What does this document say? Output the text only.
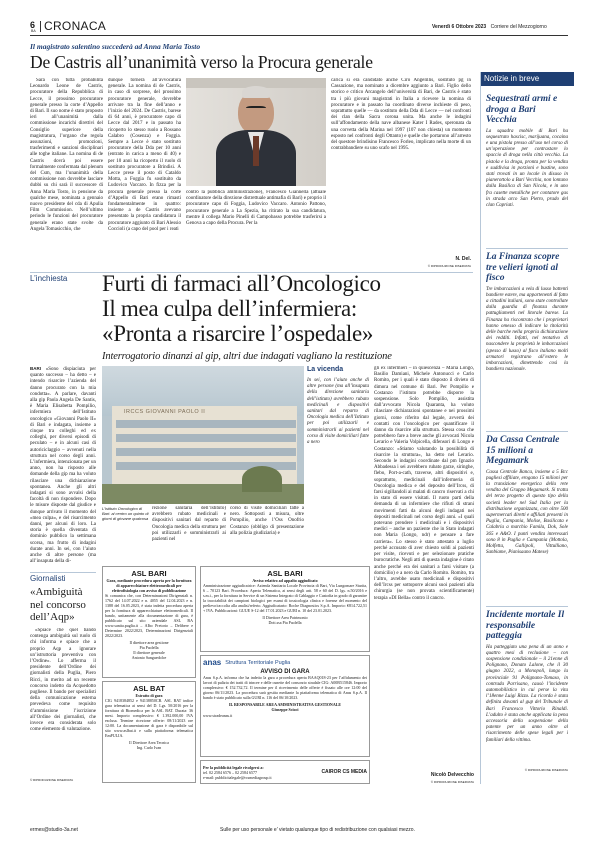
6
BA CRONACA	Venerdì 6 Ottobre 2023 Corriere del Mezzogiorno
Il magistrato salentino succederà ad Anna Maria Tosto
De Castris all’unanimità verso la Procura generale
Sarà con tutta probabilità Leonardo Leone de Castris, procuratore della Repubblica di Lecce, il prossimo procuratore generale presso la corte d’Appello di Bari. Il suo nome è stato proposto ieri all’unanimità dalla commissione incarichi direttivi del Consiglio superiore della magistratura, l’organo che regola assunzioni, promozioni, trasferimenti e sanzioni disciplinari alle toghe italiane. La nomina di de Castris dovrà poi essere formalmente confermata dal plenum del Csm, ma l’unanimità della commissione non dovrebbe lasciare dubbi su chi sarà il successore di Anna Maria Tosto, in pensione da qualche mese, nominata a gennaio nuovo presidente del cda di Apulia Film Commission. Nell’ultimo periodo le funzioni del procuratore generale erano state svolte da Angela Tomasicchio, che
dunque tornerà all’avvocatura generale. La nomina di de Castris, in caso di sorprese, del prossimo procuratore generale, dovrebbe arrivare tra la fine dell’anno e l’inizio del 2024. De Castris, barese di 64 anni, è procuratore capo di Lecce dal 2017 e in passato ha ricoperto lo stesso ruolo a Rossano Calabro (Cosenza) e Foggia. Sempre a Lecce è stato sostituto procuratore della Dda per 10 anni (entrato in carica a meno di 40) e per 10 anni ha ricoperto il ruolo di sostituto procuratore a Brindisi. A Lecce prese il posto di Cataldo Motta, a Foggia fu sostituito da Ludovico Vaccaro. In fizza per la procura generale presso la corte d’Appello di Bari erano rimasti fondamentalmente in quattro: insieme a de Castris avevano presentato la propria candidatura il procuratore aggiunto di Bari Alessio Coccioli (a capo del pool per i reati
contro la pubblica amministrazione), Francesco Giannella (attuale coordinatore della direzione distrettuale antimafia di Bari) e proprio il procuratore capo di Foggia, Ludovico Vaccaro. Antonio Pattono, procuratore generale a La Spezia, ha ritirato la sua candidatura, mentre il collega Mario Pinelli di Campobasso potrebbe trasferirsi a Genova a capo della Procura. Per la
carica si era candidato anche Ciro Angelillis, sostituto pg in Cassazione, ma nominato a dicembre aggiunto a Bari. Figlio dello storico e critico Arcangelo dell’università di Bari, de Castris è stato tra i più giovani magistrati in Italia a ricevere la nomina di procuratore e in passato ha coordinato diverse inchieste di peso, soprattutto quelle — da sostituto della Dda di Lecce — nel confronti dei clan della Sacra corona unita. Ma anche le indagini sull’affondamento della nave albanese Kater I Rades, speronata da una corvetta della Marina nel 1997 (107 non chiesta) un momento esposto nel confronti degli Ottanto) e quelle che portarono all’arresto del questore brindisino Francesco Forleo, implicato nella morte di un contrabbandiere su uno scafo nel 1995.
N. Del.
© RIPRODUZIONE RISERVATA
L’inchiesta Furti di farmaci all’Oncologico
Il mea culpa dell’infermiera:
«Pronta a risarcire l’ospedale»
Interrogatorio dinanzi al gip, altri due indagati vagliano la restituzione
BARI «Sono dispiaciuta per quanto successo – ha detto – e intendo risarcire l’azienda del danno procurato con la mia condotta». A parlare, davanti alla gip Paola Angela De Santis, è Maria Elisabetta Pompilio, infermiera dell’Istituto oncologico «Giovanni Paolo II» di Bari e indagata, insieme a cinque tra colleghi ed ex colleghi, per diversi episodi di peculato – e in alcuni casi di autoriciclaggio – avvenuti nella struttura nel corso degli anni. L’infermiera, intenzionata per un anno, non ha risposto alle domande della gip ma ha voluto rilasciare una dichiarazione spontanea. Anche gli altri indagati si sono avvalsi della facoltà di non rispondere. Dopo le misure disposte dal giudice e dunque arrivato il momento del «mea culpa», e del risarcimento danni, per alcuni di loro. La storia è quella diventata di dominio pubblico la settimana scorsa, ma frutto di indagini durate anni. In sei, con l’aiuto anche di altre persone (ma all’insaputa della di-
IRCCS GIOVANNI PAOLO II
L’Istituto Oncologico di Bari: al centro un quinto di giorni di giovane qualcosa
rezione sanitaria dell’Istituto) avrebbero rubato medicinali e dispositivi sanitari dal reparto di Oncologia medica della struttura per poi utilizzarli e somministrarli ai pazienti nel
corso di visite domiciliari fatte a nero. Sottoposti a misura, oltre Pompilio, anche l’Oss Onofrio Costanzo (obbligo di presentazione alla polizia giudiziaria) e
La vicenda

In sei, con l’aiuto anche di altre persone (ma all’insaputa della direzione sanitaria dell’istituto) avrebbero rubato medicinali e dispositivi sanitari dal reparto di Oncologia medica dell’Istituto per poi utilizzarli e somministrarli ai pazienti nel corso di visite domiciliari fatte a nero

gli ex infermieri – in quiescenza – Maria Longo, Basilio Damiani, Michele Antonucci e Carlo Romito, per i quali è stato disposto il divieto di dimora nel comune di Bari. Per Pompilio e Costanzo l’istituto potrebbe disporre la sospensione. Solo Pompilio, assistita dall’avvocato Nicola Quaranta, ha voluto rilasciare dichiarazioni spontanee e nei prossimi giorni, come riferito dal legale, avverrà dei contatti con l’oncologico per quantificare il danno da risarcire alla struttura. Stessa cosa che potrebbero fare a breve anche gli avvocati Nicola Lerario e Valeria Volpicella, difensori di Longo e Costanzo: «Stiamo valutando la possibilità di risarcire la struttura», ha detto nel Lerario. Secondo le indagini coordinate dal pm Ignazio Abbadessa i sei avrebbero rubato garze, siringhe, flebo, Port-a-cath, traverse, altri dispositivi e, soprattutto, medicinali dall’infermeria di Oncologia medica e del deposito dell’Ircss, di farsi sigillandoli ai malati di cancro riservati a chi in stato di essere visitati. Il ruoto parti della demanda di un infermiere che rifiuti di strani movimenti fatti da alcuni degli indagati nei depositi medicinali nel corso degli anni. «I quali potevano prendere i medicinali e i dispositivi medici – anche un paziente che in Stato indagati non Maria (Longo, ndr) e pensare a fare carriera». Lo stesso è stato attestato a luglio perché accusato di aver chiesto soldi ai pazienti per visite, ricevuti e per selezionare pratiche burocratiche. Negli atti di questa indagine è citato anche perché era dei sanitari a farsi visitare (a domicilio) e a nero da Carlo Romito. Romito, tra l’altro, avrebbe usato medicinali e dispositivi dell’Ircss per sottoporre alcuni suoi pazienti alla chirurgia (se non provata scientificamente) terapia «DI Bella» contro il cancro.
Nicolò Delvecchio
© RIPRODUZIONE RISERVATA
Giornalisti
«Ambiguità nel concorso dell’Aqp»
«Spiace che quel bando contenga ambiguità sul ruolo di chi informa e spiace che a proprio Aqp a ignorare un’istruttoria preventiva con l’Ordine». Lo afferma il presidente dell’Ordine dei giornalisti della Puglia, Piero Ricci, in merito ad un recente concorso indetto da Acquedotto pugliese. Il bando per specialisti della comunicazione esterna prevedeva come requisito d’ammissione l’iscrizione all’Ordine dei giornalisti, che invece era considerata solo come elemento di valutazione.
© RIPRODUZIONE RISERVATA
ASL BARI

Gara, mediante procedura aperta per la fornitura di apparecchiature elettromedicali per elettrofisiologia con avviso di pubblicazione

Si comunica che, con Determinazioni Dirigenziali n. 1762 del 14.07.2022 e n. 4055 del 12.04.2023 e n. 1388 del 16.05.2023, è stata indetta procedura aperta per la fornitura di apparecchiature elettromedicali. Il bando, unitamente alla documentazione di gara, è pubblicato sul sito aziendale ASL BA www.sanita.puglia.it – Albo Pretorio – Delibere e Determine 2022/2023, Determinazioni Dirigenziali 2022/2023.

Il direttore area gestione
Pia Paolella
Il direttore generale
Antonio Sanguedolce

ASL BAT

Estratto di gara

CIG 9418384852 e 94138850CB. ASL BAT indice gara telematica ai sensi del D. Lgs. 50/2016 per la fornitura di Biomedica per la ASL BAT. Durata: 36 mesi. Importo complessivo: € 1.392.000,00 IVA esclusa. Termine ricezione offerte: 08/11/2023 ore 12:00. La documentazione di gara è disponibile sul sito www.aslbat.it e sulla piattaforma telematica EmPULIA.

Il Direttore Area Tecnica
Ing. Carlo Ivan

ASL BARI

Avviso relativo ad appalto aggiudicato

Amministrazione aggiudicatrice: Azienda Sanitaria Locale Provincia di Bari, Via Lungomare Starita, 6 – 70123 Bari. Procedura: Aperta Telematica, ai sensi degli artt. 58 e 60 del D. lgs. n.50/2016 e s.m.i., per la fornitura in Service di un Sistema Integrato di Cablaggio e Custodia in grado di garantire la tracciabilità dei campioni biologici per esami di tossicologia clinica e forense del momento del prelievo/raccolta alla analisi/referto. Aggiudicatario: Roche Diagnostics S.p.A. Importo: €814.722,51 + IVA. Pubblicazioni: GUUE S-12 del 17.01.2023 e GURI n. 10 del 23.01.2023.

Il Direttore Area Patrimonio
Dott.ssa Pia Paolella

anas Struttura Territoriale Puglia
AVVISO DI GARA

Anas S.p.A. informa che ha indetto la gara a procedura aperta BAAQ018-23 per l’affidamento dei lavori di pulizia dei tratti di trincee e delle cunette del consorzio stradale CIG: A00B515846. Importo complessivo: € 152.732,72. Il termine per il ricevimento delle offerte è fissato alle ore 12:00 del giorno 06/11/2023. La procedura sarà gestita mediante la piattaforma telematica di Anas S.p.A. Il bando è stato pubblicato sulla GURI n. 116 del 06/10/2023.

IL RESPONSABILE AREA AMMINISTRATIVA GESTIONALE
Giuseppe Scioci

www.stradeanas.it

Per la pubblicità legale rivolgersi a:
tel. 02 2584 6576 – 02 2584 6577
e-mail: pubblicitalegale@rcsmediagroup.it
CAIROR CS MEDIA
Notizie in breve
Sequestrati armi e droga a Bari Vecchia
La squadra mobile di Bari ha sequestrato hascisc, marijuana, cocaina e una pistola presso all’uso nel corso di un’operazione per contrastare lo spaccio di droga nella città vecchia. La pistola e la droga, pronta per la vendita e suddivisa in porzioni e bustine, sono stati trovati in un locale in disuso in pianerottolo a Bari Vecchia, non lontano dalla Basilica di San Nicola, e in uno fra casette metalliche per contatore gas in strada arco San Pietro, prado del clan Capriati.
La Finanza scopre tre velieri ignoti al fisco
Tre imbarcazioni a vela di lusso battenti bandiere estere, ma appartenenti di fatto a cittadini italiani, sono state controllate dalla guardia di finanza durante pattugliamenti nel litorale barese. La Finanza ha riscontrato che i proprietari hanno omesso di indicare la titolarità delle barche nella propria dichiarazione dei redditi. Infatti, nel tentativo di nascondere la proprietà le imbarcazioni (spesso di lusso) al fisco italiano molti armatori registrano all’estero le imbarcazioni, dimettendo così la bandiera nazionale.
Da Cassa Centrale 15 milioni a Megamark
Cassa Centrale Banca, insieme a 5 Bcc pugliesi affiliate, erogano 15 milioni per la transizione energetica della rete vendita del Gruppo Megamark. Si tratta del terzo progetto di questo tipo della società leader nel Sud Italia per la distribuzione organizzata, con oltre 500 supermercati diretti e affiliati presenti in Puglia, Campania, Molise, Basilicata e Calabria a marchio Famila, Dok, Sole 365 e A&O. I punti vendita interessati sono 8 in Puglia e Campania (Mottola, Molfetta, Gallipoli, Vittulliano, Sanbiame, Pianisaano Matese)
Incidente mortale Il responsabile patteggia
Ha patteggiato una pena di un anno e quattro mesi di reclusione – con sospensione condizionale – il 21enne di Polignano, Donato Lalone, che il 30 giugno 2022, a Monopoli, lungo la provinciale 91 Polignano-Tomaso, in contrada Parrisano, causò l’incidente automobilistico in cui perse la vita l’18enne Luigi Rizzo. La ricorda è stata definita davanti al gup del Tribunale di Bari Francesco Vittorio Rinaldi. L’adulto è stata anche applicata la pena accessoria della sospensione della patente per un anno oltre al risarcimento delle spese legali per i familiari della vittima.
© RIPRODUZIONE RISERVATA
ermes@studio-3a.net	Sulle per uso personale e' vietato qualunque tipo di redistribuzione con qualsiasi mezzo.
